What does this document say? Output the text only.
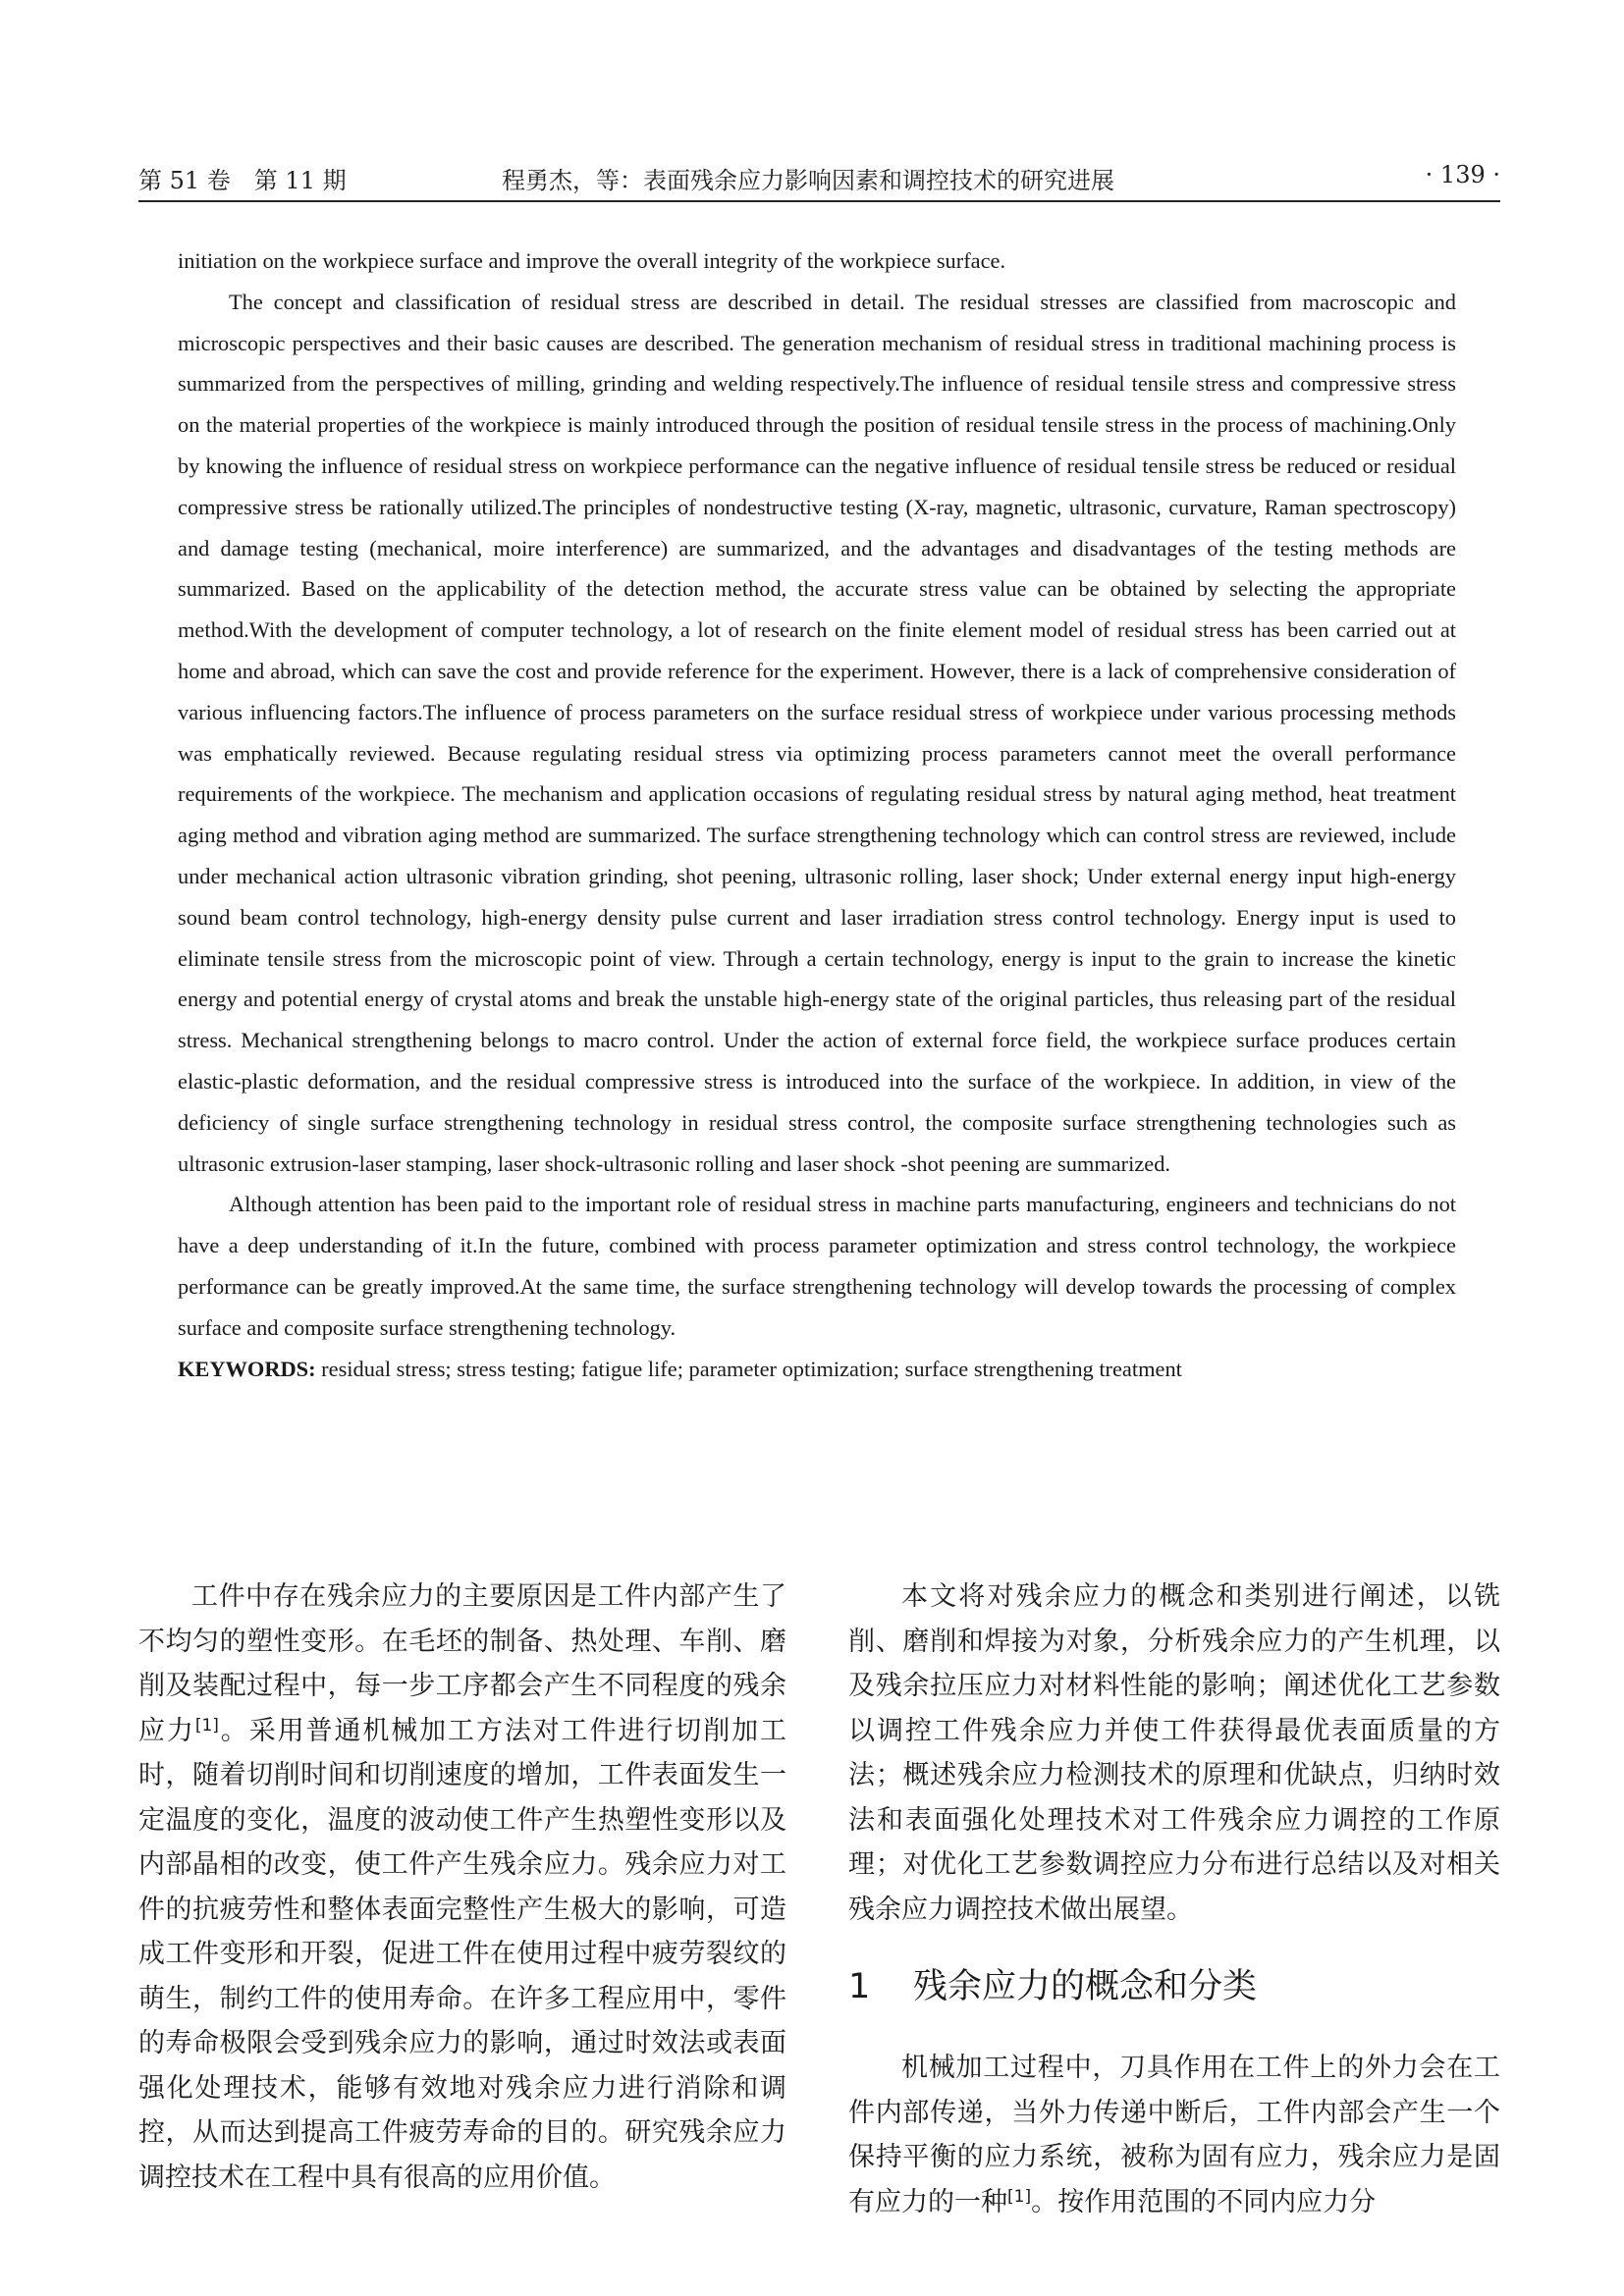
第 51 卷　第 11 期	程勇杰，等：表面残余应力影响因素和调控技术的研究进展	· 139 ·

initiation on the workpiece surface and improve the overall integrity of the workpiece surface.

The concept and classification of residual stress are described in detail. The residual stresses are classified from macroscopic and microscopic perspectives and their basic causes are described. The generation mechanism of residual stress in traditional machining process is summarized from the perspectives of milling, grinding and welding respectively.The influence of residual tensile stress and compressive stress on the material properties of the workpiece is mainly introduced through the position of residual tensile stress in the process of machining.Only by knowing the influence of residual stress on workpiece performance can the negative influence of residual tensile stress be reduced or residual compressive stress be rationally utilized.The principles of nondestructive testing (X-ray, magnetic, ultrasonic, curvature, Raman spectroscopy) and damage testing (mechanical, moire interference) are summarized, and the advantages and disadvantages of the testing methods are summarized. Based on the applicability of the detection method, the accurate stress value can be obtained by selecting the appropriate method.With the development of computer technology, a lot of research on the finite element model of residual stress has been carried out at home and abroad, which can save the cost and provide reference for the experiment. However, there is a lack of comprehensive consideration of various influencing factors.The influence of process parameters on the surface residual stress of workpiece under various processing methods was emphatically reviewed. Because regulating residual stress via optimizing process parameters cannot meet the overall performance requirements of the workpiece. The mechanism and application occasions of regulating residual stress by natural aging method, heat treatment aging method and vibration aging method are summarized. The surface strengthening technology which can control stress are reviewed, include under mechanical action ultrasonic vibration grinding, shot peening, ultrasonic rolling, laser shock; Under external energy input high-energy sound beam control technology, high-energy density pulse current and laser irradiation stress control technology. Energy input is used to eliminate tensile stress from the microscopic point of view. Through a certain technology, energy is input to the grain to increase the kinetic energy and potential energy of crystal atoms and break the unstable high-energy state of the original particles, thus releasing part of the residual stress. Mechanical strengthening belongs to macro control. Under the action of external force field, the workpiece surface produces certain elastic-plastic deformation, and the residual compressive stress is introduced into the surface of the workpiece. In addition, in view of the deficiency of single surface strengthening technology in residual stress control, the composite surface strengthening technologies such as ultrasonic extrusion-laser stamping, laser shock-ultrasonic rolling and laser shock -shot peening are summarized.

Although attention has been paid to the important role of residual stress in machine parts manufacturing, engineers and technicians do not have a deep understanding of it.In the future, combined with process parameter optimization and stress control technology, the workpiece performance can be greatly improved.At the same time, the surface strengthening technology will develop towards the processing of complex surface and composite surface strengthening technology.

KEYWORDS: residual stress; stress testing; fatigue life; parameter optimization; surface strengthening treatment

工件中存在残余应力的主要原因是工件内部产生了不均匀的塑性变形。在毛坯的制备、热处理、车削、磨削及装配过程中，每一步工序都会产生不同程度的残余应力[1]。采用普通机械加工方法对工件进行切削加工时，随着切削时间和切削速度的增加，工件表面发生一定温度的变化，温度的波动使工件产生热塑性变形以及内部晶相的改变，使工件产生残余应力。残余应力对工件的抗疲劳性和整体表面完整性产生极大的影响，可造成工件变形和开裂，促进工件在使用过程中疲劳裂纹的萌生，制约工件的使用寿命。在许多工程应用中，零件的寿命极限会受到残余应力的影响，通过时效法或表面强化处理技术，能够有效地对残余应力进行消除和调控，从而达到提高工件疲劳寿命的目的。研究残余应力调控技术在工程中具有很高的应用价值。

本文将对残余应力的概念和类别进行阐述，以铣削、磨削和焊接为对象，分析残余应力的产生机理，以及残余拉压应力对材料性能的影响；阐述优化工艺参数以调控工件残余应力并使工件获得最优表面质量的方法；概述残余应力检测技术的原理和优缺点，归纳时效法和表面强化处理技术对工件残余应力调控的工作原理；对优化工艺参数调控应力分布进行总结以及对相关残余应力调控技术做出展望。

1 残余应力的概念和分类

机械加工过程中，刀具作用在工件上的外力会在工件内部传递，当外力传递中断后，工件内部会产生一个保持平衡的应力系统，被称为固有应力，残余应力是固有应力的一种[1]。按作用范围的不同内应力分
